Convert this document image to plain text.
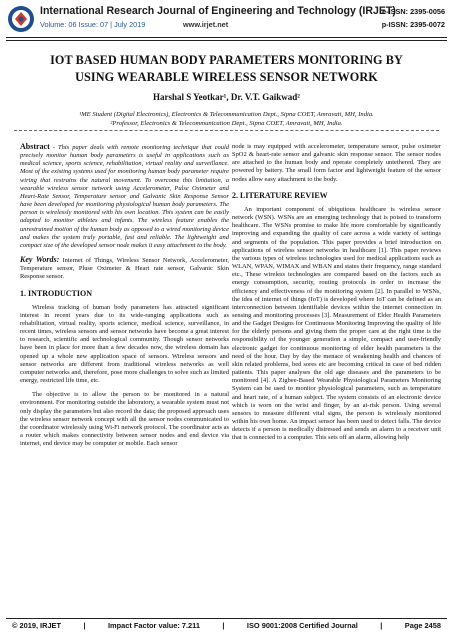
International Research Journal of Engineering and Technology (IRJET)
Volume: 06 Issue: 07 | July 2019	www.irjet.net
e-ISSN: 2395-0056
p-ISSN: 2395-0072
IOT BASED HUMAN BODY PARAMETERS MONITORING BY USING WEARABLE WIRELESS SENSOR NETWORK
Harshal S Yeotkar¹, Dr. V.T. Gaikwad²
¹ME Student (Digital Electronics), Electronics & Telecommunication Dept., Sipna COET, Amravati, MH, India.
²Professor, Electronics & Telecommunication Dept., Sipna COET, Amravati, MH, India.

Abstract - This paper deals with remote monitoring technique that could precisely monitor human body parameters is useful in applications such as medical science, sports science, rehabilitation, virtual reality and surveillance. Most of the existing systems used for monitoring human body parameter require wiring that restrains the natural movement. To overcome this limitation, a wearable wireless sensor network using Accelerometer, Pulse Oximeter and Heart-Rate Sensor, Temperature sensor and Galvanic Skin Response Sensor have been developed for monitoring physiological human body parameters. The person is wirelessly monitored with his own location. This system can be easily adapted to monitor athletes and infants. The wireless feature enables the unrestrained motion of the human body as opposed to a wired monitoring device and makes the system truly portable, fast and reliable. The lightweight and compact size of the developed sensor node makes it easy attachment to the body.

Key Words: Internet of Things, Wireless Sensor Network, Accelerometer, Temperature sensor, Pluse Oximeter & Heart rate sensor, Galvanic Skin Response sensor.

1. INTRODUCTION

Wireless tracking of human body parameters has attracted significant interest in recent years due to its wide-ranging applications such as rehabilitation, virtual reality, sports science, medical science, surveillance, in recent times, wireless sensors and sensor networks have become a great interest to research, scientific and technological community. Though sensor networks have been in place for more than a few decades now, the wireless domain has opened up a whole new application space of sensors. Wireless sensors and sensor networks are different from traditional wireless networks as well computer networks and, therefore, pose more challenges to solve such as limited energy, restricted life time, etc.

The objective is to allow the person to be monitored in a natural environment. For monitoring outside the laboratory, a wearable system must not only display the parameters but also record the data; the proposed approach uses the wireless sensor network concept with all the sensor nodes communicated to the coordinator wirelessly using Wi-Fi network protocol. The coordinator acts as a router which makes connectivity between sensor nodes and end device via internet, end device may be computer or mobile. Each sensor

node is may equipped with accelerometer, temperature sensor, pulse oximeter SpO2 & heart-rate sensor and galvanic skin response sensor. The sensor nodes are attached to the human body and operate completely untethered. They are powered by battery. The small form factor and lightweight feature of the sensor nodes allow easy attachment to the body.

2. LITERATURE REVIEW

An important component of ubiquitous healthcare is wireless sensor network (WSN). WSNs are an emerging technology that is poised to transform healthcare. The WSNs promise to make life more comfortable by significantly improving and expanding the quality of care across a wide variety of settings and segments of the population. This paper provides a brief introduction on applications of wireless sensor networks in healthcare [1]. This paper reviews the various types of wireless technologies used for medical applications such as WLAN, WPAN, WIMAX and WBAN and states their frequency, range standard etc., These wireless technologies are compared based on the factors such as energy consumption, security, routing protocols in order to increase the efficiency and effectiveness of the monitoring system [2]. In parallel to WSNs, the idea of internet of things (IoT) is developed where IoT can be defined as an interconnection between identifiable devices within the internet connection in sensing and monitoring processes [3]. Measurement of Elder Health Parameters and the Gadget Designs for Continuous Monitoring Improving the quality of life for the elderly persons and giving them the proper care at the right time is the responsibility of the younger generation a simple, compact and user-friendly electronic gadget for continuous monitoring of elder health parameters is the need of the hour. Day by day the menace of weakening health and chances of skin related problems, bed sores etc are becoming critical in case of bed ridden patients. This paper analyses the old age diseases and the parameters to be monitored [4]. A Zigbee-Based Wearable Physiological Parameters Monitoring System can be used to monitor physiological parameters, such as temperature and heart rate, of a human subject. The system consists of an electronic device which is worn on the wrist and finger, by an at-risk person. Using several sensors to measure different vital signs, the person is wirelessly monitored within his own home. An impact sensor has been used to detect falls. The device detects if a person is medically distressed and sends an alarm to a receiver unit that is connected to a computer. This sets off an alarm, allowing help

© 2019, IRJET	|	Impact Factor value: 7.211	|	ISO 9001:2008 Certified Journal	|	Page 2458
